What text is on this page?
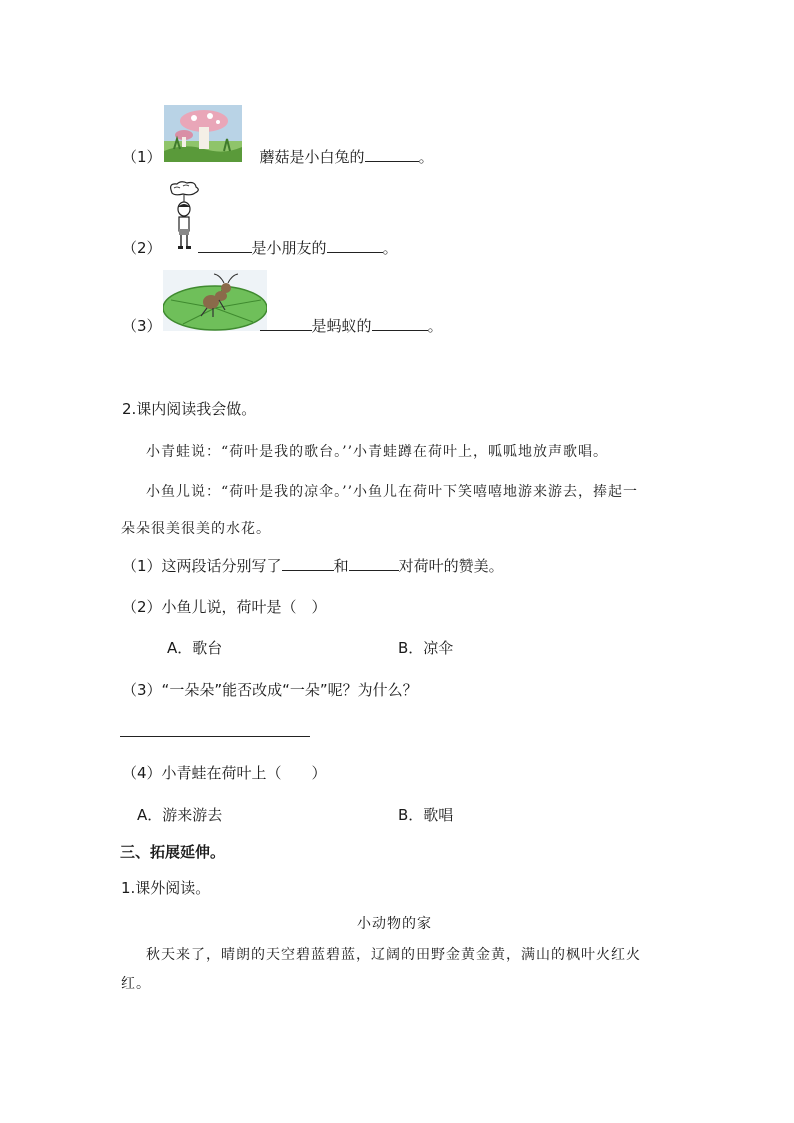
（1）	蘑菇是小白兔的	。
（2）	是小朋友的	。
（3）	是蚂蚁的	。
2.课内阅读我会做。
小青蛙说：“荷叶是我的歌台。’’小青蛙蹲在荷叶上，呱呱地放声歌唱。
小鱼儿说：“荷叶是我的凉伞。’’小鱼儿在荷叶下笑嘻嘻地游来游去，捧起一
朵朵很美很美的水花。
（1）这两段话分别写了	和	对荷叶的赞美。
（2）小鱼儿说，荷叶是（　）
A．歌台	B．凉伞
（3）“一朵朵”能否改成“一朵”呢？为什么？
（4）小青蛙在荷叶上（　　）
A．游来游去	B．歌唱
三、拓展延伸。
1.课外阅读。
小动物的家
秋天来了，晴朗的天空碧蓝碧蓝，辽阔的田野金黄金黄，满山的枫叶火红火
红。
